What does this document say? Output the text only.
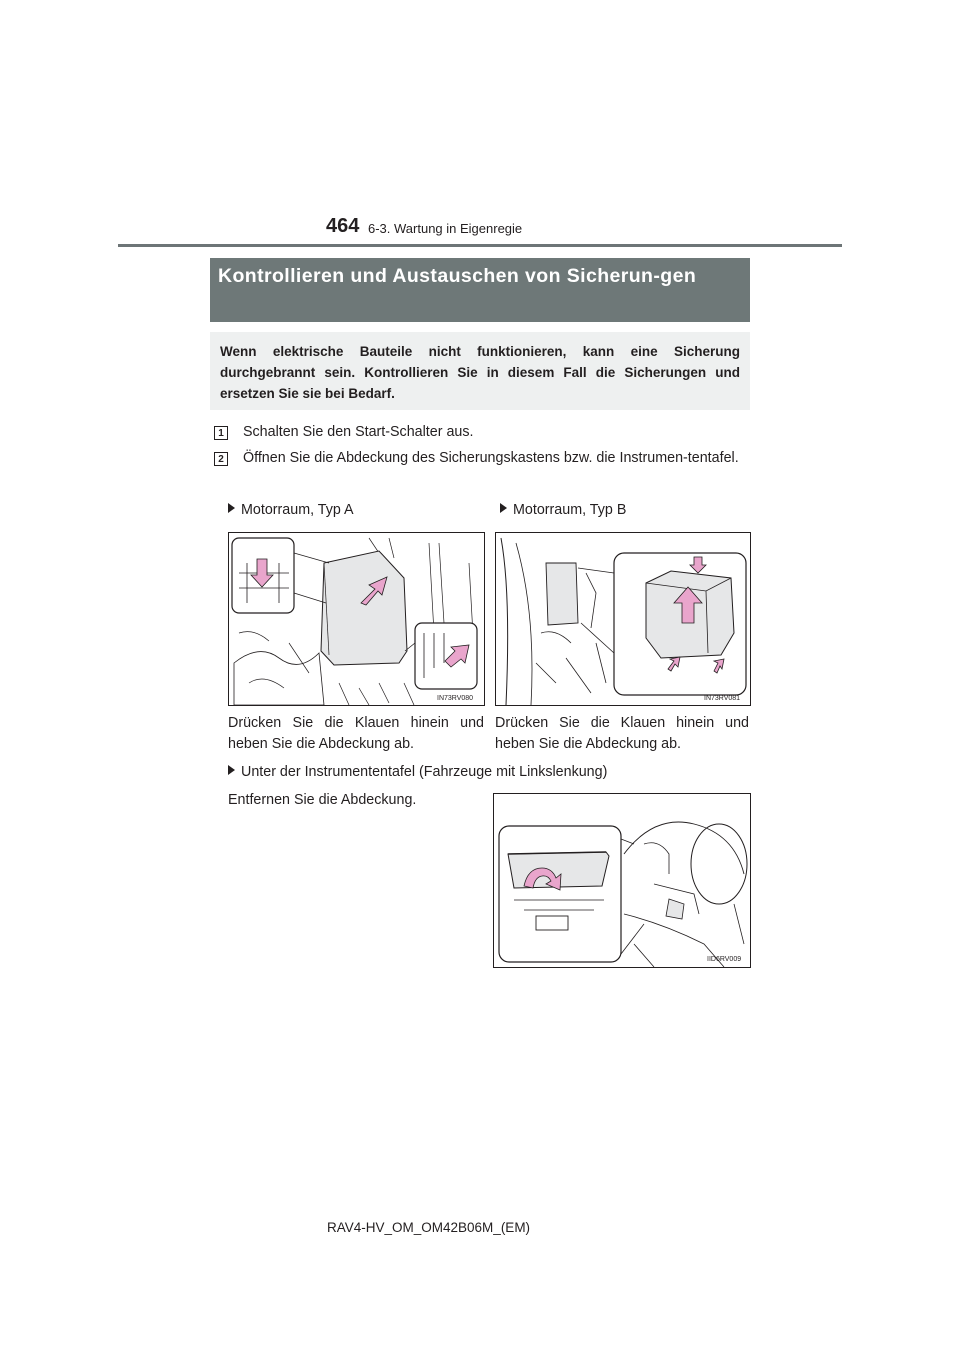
464 6-3. Wartung in Eigenregie
Kontrollieren und Austauschen von Sicherun-gen
Wenn elektrische Bauteile nicht funktionieren, kann eine Sicherung durchgebrannt sein. Kontrollieren Sie in diesem Fall die Sicherungen und ersetzen Sie sie bei Bedarf.
1 Schalten Sie den Start-Schalter aus.
2 Öffnen Sie die Abdeckung des Sicherungskastens bzw. die Instrumen-tentafel.
Motorraum, Typ A	Motorraum, Typ B
IN73RV080	IN73RV081
Drücken Sie die Klauen hinein und heben Sie die Abdeckung ab.
Drücken Sie die Klauen hinein und heben Sie die Abdeckung ab.
Unter der Instrumententafel (Fahrzeuge mit Linkslenkung)
Entfernen Sie die Abdeckung.
IID6RV009
RAV4-HV_OM_OM42B06M_(EM)
